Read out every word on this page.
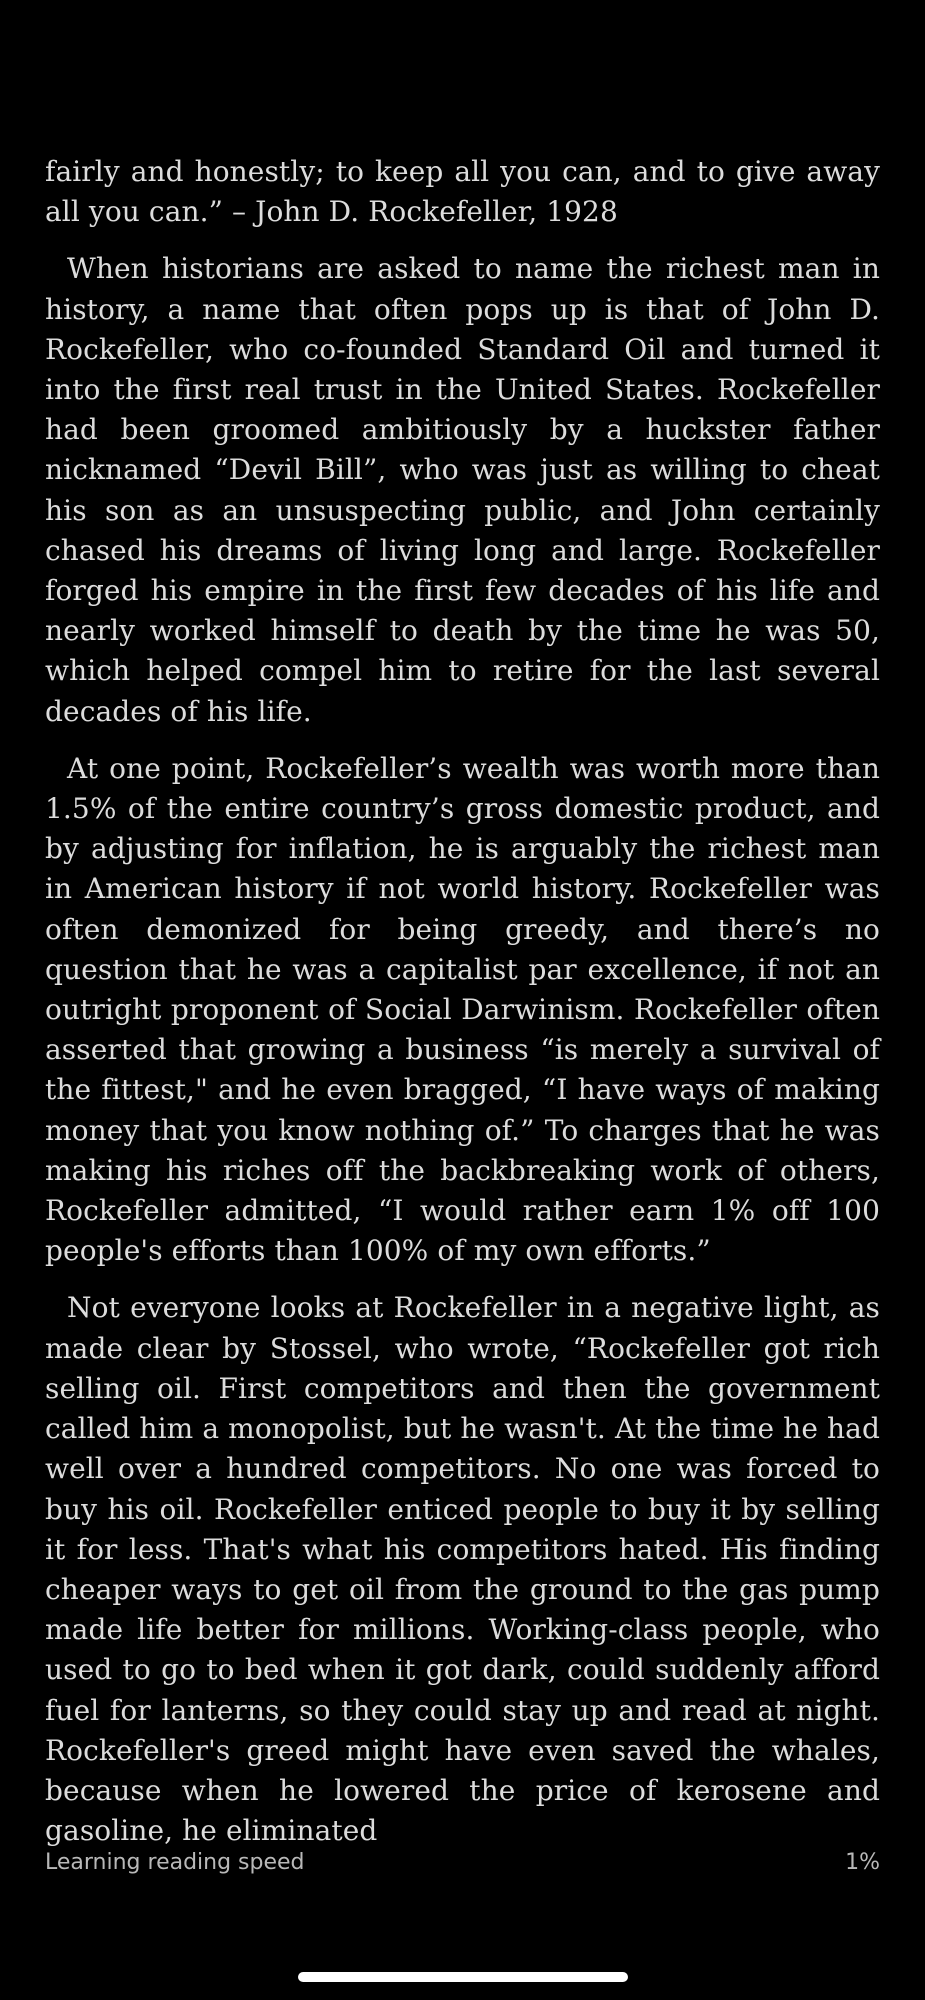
fairly and honestly; to keep all you can, and to give away all you can.” – John D. Rockefeller, 1928

When historians are asked to name the richest man in history, a name that often pops up is that of John D. Rockefeller, who co-founded Standard Oil and turned it into the first real trust in the United States. Rockefeller had been groomed ambitiously by a huckster father nicknamed “Devil Bill”, who was just as willing to cheat his son as an unsuspecting public, and John certainly chased his dreams of living long and large. Rockefeller forged his empire in the first few decades of his life and nearly worked himself to death by the time he was 50, which helped compel him to retire for the last several decades of his life.

At one point, Rockefeller’s wealth was worth more than 1.5% of the entire country’s gross domestic product, and by adjusting for inflation, he is arguably the richest man in American history if not world history. Rockefeller was often demonized for being greedy, and there’s no question that he was a capitalist par excellence, if not an outright proponent of Social Darwinism. Rockefeller often asserted that growing a business “is merely a survival of the fittest," and he even bragged, “I have ways of making money that you know nothing of.” To charges that he was making his riches off the backbreaking work of others, Rockefeller admitted, “I would rather earn 1% off 100 people's efforts than 100% of my own efforts.”

Not everyone looks at Rockefeller in a negative light, as made clear by Stossel, who wrote, “Rockefeller got rich selling oil. First competitors and then the government called him a monopolist, but he wasn't. At the time he had well over a hundred competitors. No one was forced to buy his oil. Rockefeller enticed people to buy it by selling it for less. That's what his competitors hated. His finding cheaper ways to get oil from the ground to the gas pump made life better for millions. Working-class people, who used to go to bed when it got dark, could suddenly afford fuel for lanterns, so they could stay up and read at night. Rockefeller's greed might have even saved the whales, because when he lowered the price of kerosene and gasoline, he eliminated

Learning reading speed	1%
